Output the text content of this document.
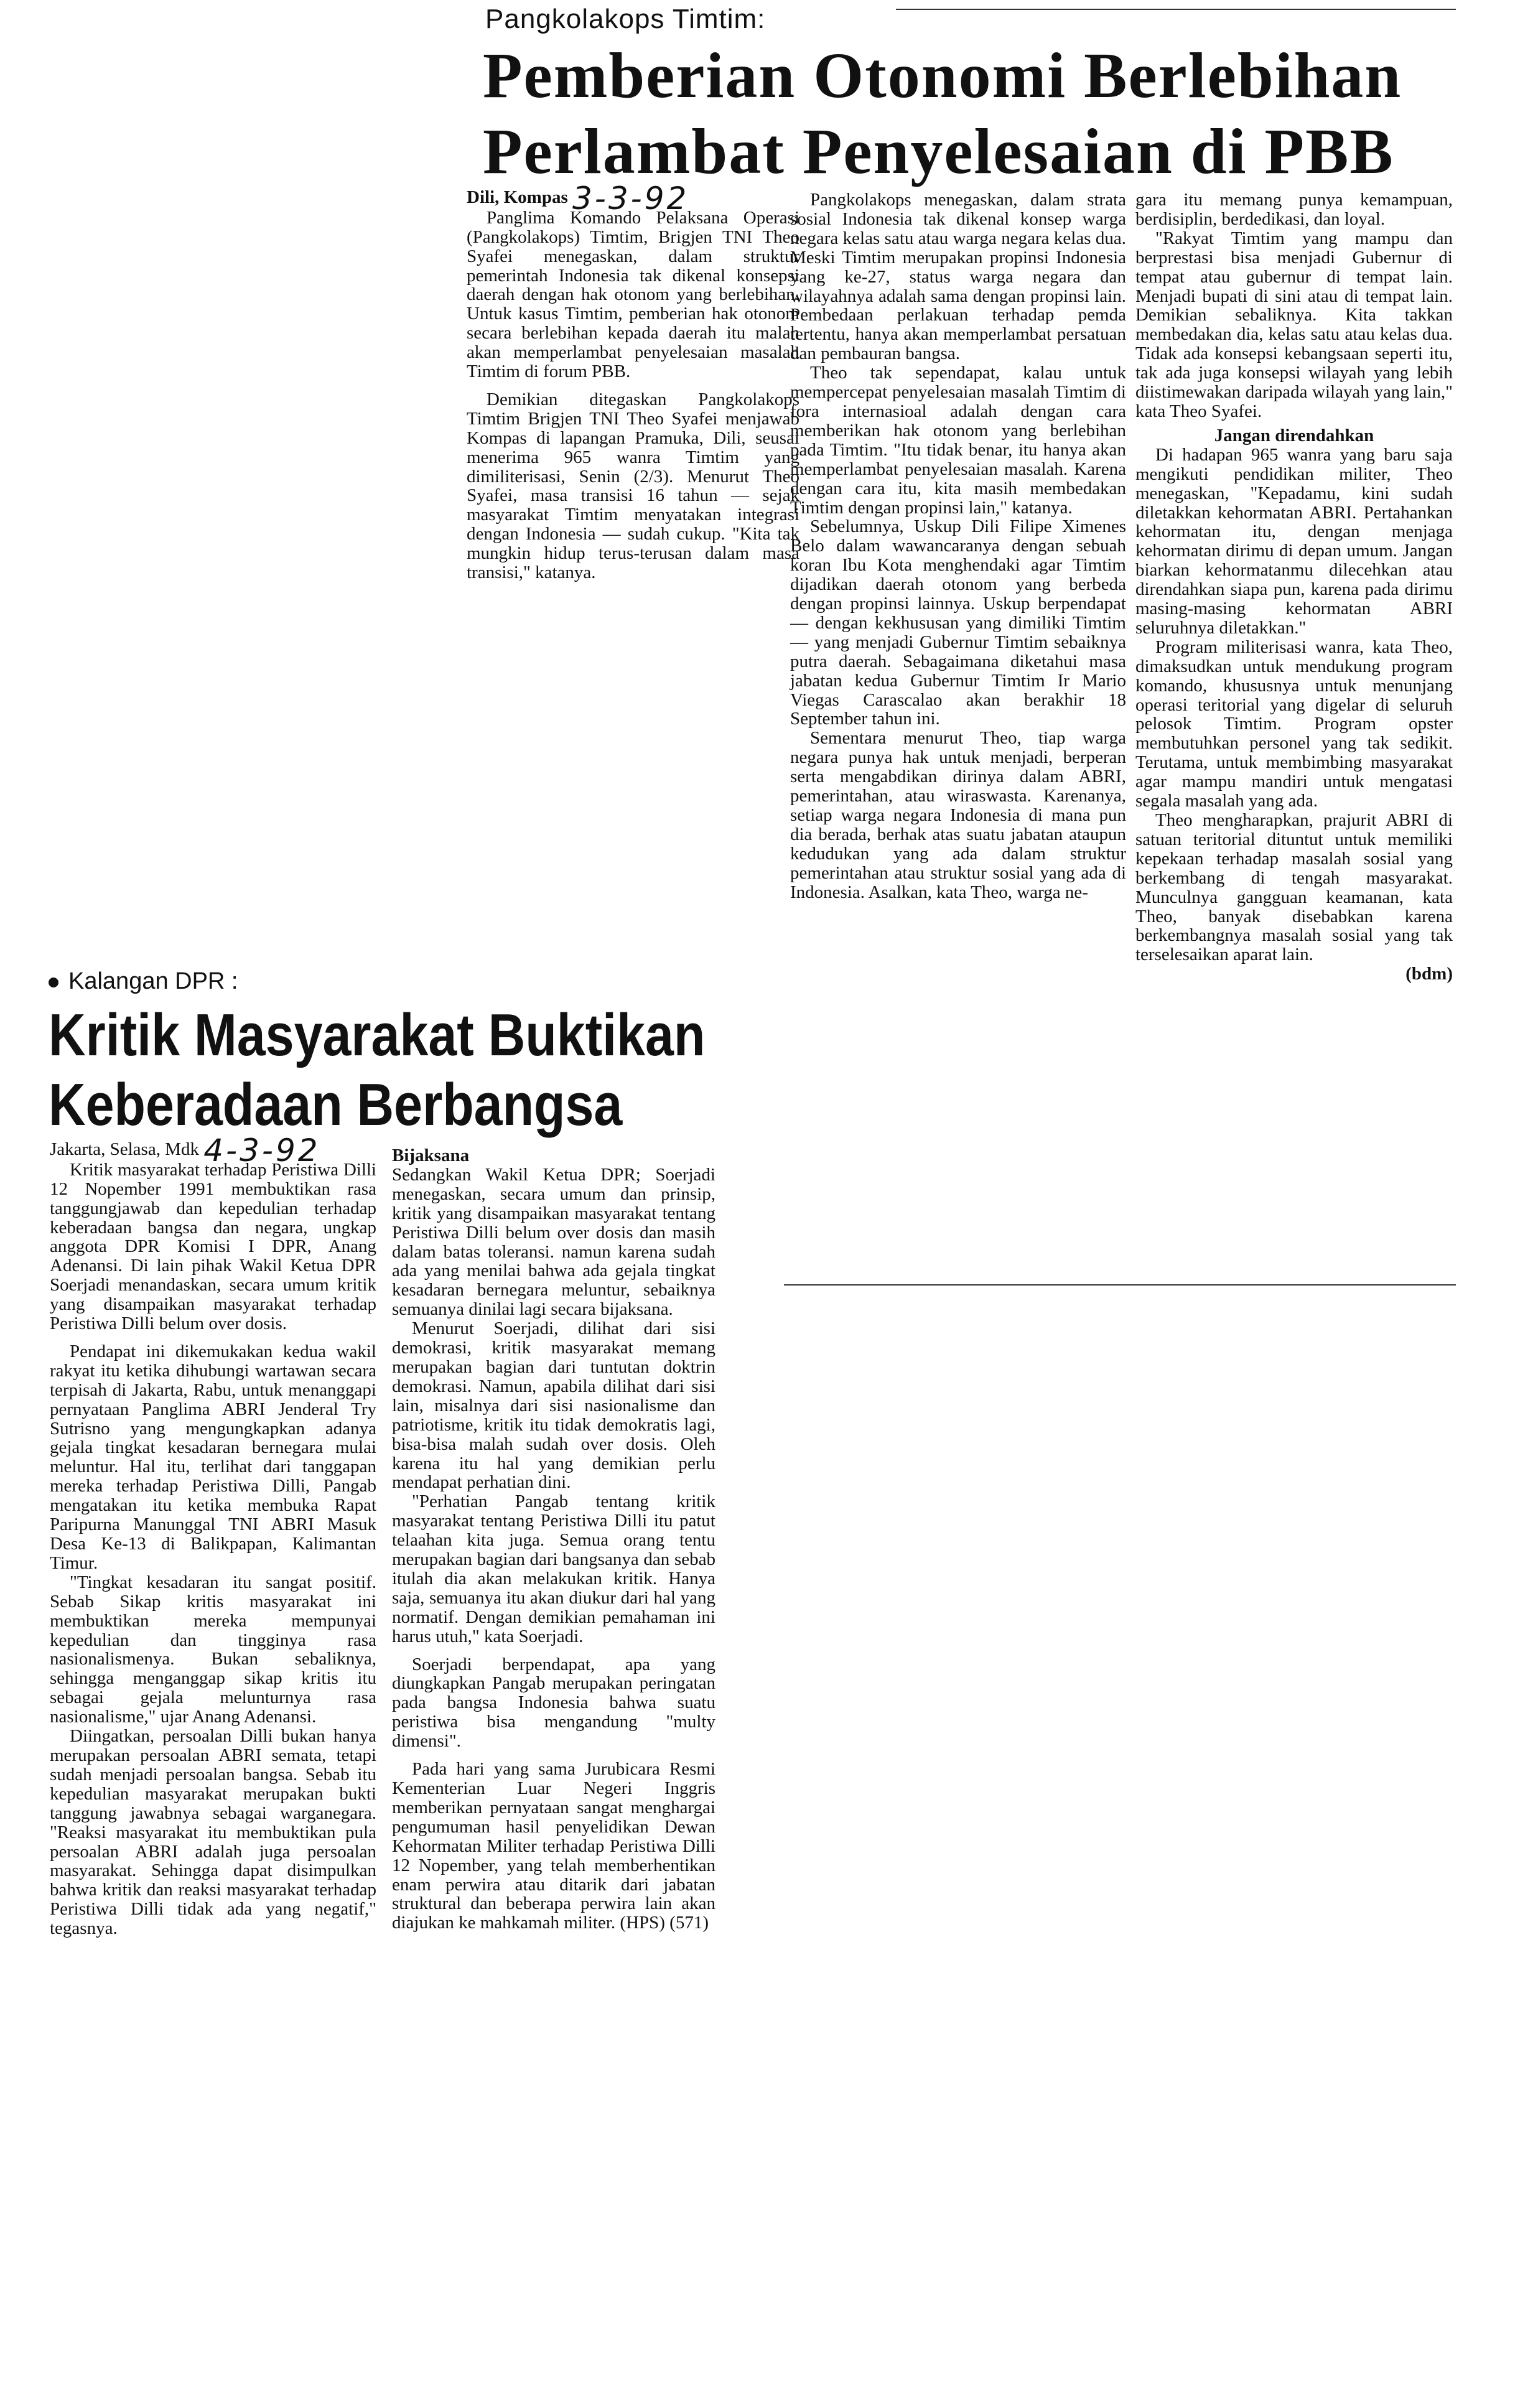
Pangkolakops Timtim:
Pemberian Otonomi Berlebihan
Perlambat Penyelesaian di PBB

Dili, Kompas 3-3-92

Panglima Komando Pelaksana Operasi (Pangkolakops) Timtim, Brigjen TNI Theo Syafei menegaskan, dalam struktur pemerintah Indonesia tak dikenal konsepsi daerah dengan hak otonom yang berlebihan. Untuk kasus Timtim, pemberian hak otonom secara berlebihan kepada daerah itu malah akan memperlambat penyelesaian masalah Timtim di forum PBB.

Demikian ditegaskan Pangkolakops Timtim Brigjen TNI Theo Syafei menjawab Kompas di lapangan Pramuka, Dili, seusai menerima 965 wanra Timtim yang dimiliterisasi, Senin (2/3). Menurut Theo Syafei, masa transisi 16 tahun — sejak masyarakat Timtim menyatakan integrasi dengan Indonesia — sudah cukup. "Kita tak mungkin hidup terus-terusan dalam masa transisi," katanya.

Pangkolakops menegaskan, dalam strata sosial Indonesia tak dikenal konsep warga negara kelas satu atau warga negara kelas dua. Meski Timtim merupakan propinsi Indonesia yang ke-27, status warga negara dan wilayahnya adalah sama dengan propinsi lain. Pembedaan perlakuan terhadap pemda tertentu, hanya akan memperlambat persatuan dan pembauran bangsa.

Theo tak sependapat, kalau untuk mempercepat penyelesaian masalah Timtim di fora internasioal adalah dengan cara memberikan hak otonom yang berlebihan pada Timtim. "Itu tidak benar, itu hanya akan memperlambat penyelesaian masalah. Karena dengan cara itu, kita masih membedakan Timtim dengan propinsi lain," katanya.

Sebelumnya, Uskup Dili Filipe Ximenes Belo dalam wawancaranya dengan sebuah koran Ibu Kota menghendaki agar Timtim dijadikan daerah otonom yang berbeda dengan propinsi lainnya. Uskup berpendapat — dengan kekhususan yang dimiliki Timtim — yang menjadi Gubernur Timtim sebaiknya putra daerah. Sebagaimana diketahui masa jabatan kedua Gubernur Timtim Ir Mario Viegas Carascalao akan berakhir 18 September tahun ini.

Sementara menurut Theo, tiap warga negara punya hak untuk menjadi, berperan serta mengabdikan dirinya dalam ABRI, pemerintahan, atau wiraswasta. Karenanya, setiap warga negara Indonesia di mana pun dia berada, berhak atas suatu jabatan ataupun kedudukan yang ada dalam struktur pemerintahan atau struktur sosial yang ada di Indonesia. Asalkan, kata Theo, warga ne-

gara itu memang punya kemampuan, berdisiplin, berdedikasi, dan loyal.

"Rakyat Timtim yang mampu dan berprestasi bisa menjadi Gubernur di tempat atau gubernur di tempat lain. Menjadi bupati di sini atau di tempat lain. Demikian sebaliknya. Kita takkan membedakan dia, kelas satu atau kelas dua. Tidak ada konsepsi kebangsaan seperti itu, tak ada juga konsepsi wilayah yang lebih diistimewakan daripada wilayah yang lain," kata Theo Syafei.

Jangan direndahkan

Di hadapan 965 wanra yang baru saja mengikuti pendidikan militer, Theo menegaskan, "Kepadamu, kini sudah diletakkan kehormatan ABRI. Pertahankan kehormatan itu, dengan menjaga kehormatan dirimu di depan umum. Jangan biarkan kehormatanmu dilecehkan atau direndahkan siapa pun, karena pada dirimu masing-masing kehormatan ABRI seluruhnya diletakkan."

Program militerisasi wanra, kata Theo, dimaksudkan untuk mendukung program komando, khususnya untuk menunjang operasi teritorial yang digelar di seluruh pelosok Timtim. Program opster membutuhkan personel yang tak sedikit. Terutama, untuk membimbing masyarakat agar mampu mandiri untuk mengatasi segala masalah yang ada.

Theo mengharapkan, prajurit ABRI di satuan teritorial dituntut untuk memiliki kepekaan terhadap masalah sosial yang berkembang di tengah masyarakat. Munculnya gangguan keamanan, kata Theo, banyak disebabkan karena berkembangnya masalah sosial yang tak terselesaikan aparat lain.

(bdm)

Kalangan DPR :
Kritik Masyarakat Buktikan
Keberadaan Berbangsa

Jakarta, Selasa, Mdk 4-3-92

Kritik masyarakat terhadap Peristiwa Dilli 12 Nopember 1991 membuktikan rasa tanggungjawab dan kepedulian terhadap keberadaan bangsa dan negara, ungkap anggota DPR Komisi I DPR, Anang Adenansi. Di lain pihak Wakil Ketua DPR Soerjadi menandaskan, secara umum kritik yang disampaikan masyarakat terhadap Peristiwa Dilli belum over dosis.

Pendapat ini dikemukakan kedua wakil rakyat itu ketika dihubungi wartawan secara terpisah di Jakarta, Rabu, untuk menanggapi pernyataan Panglima ABRI Jenderal Try Sutrisno yang mengungkapkan adanya gejala tingkat kesadaran bernegara mulai meluntur. Hal itu, terlihat dari tanggapan mereka terhadap Peristiwa Dilli, Pangab mengatakan itu ketika membuka Rapat Paripurna Manunggal TNI ABRI Masuk Desa Ke-13 di Balikpapan, Kalimantan Timur.

"Tingkat kesadaran itu sangat positif. Sebab Sikap kritis masyarakat ini membuktikan mereka mempunyai kepedulian dan tingginya rasa nasionalismenya. Bukan sebaliknya, sehingga menganggap sikap kritis itu sebagai gejala melunturnya rasa nasionalisme," ujar Anang Adenansi.

Diingatkan, persoalan Dilli bukan hanya merupakan persoalan ABRI semata, tetapi sudah menjadi persoalan bangsa. Sebab itu kepedulian masyarakat merupakan bukti tanggung jawabnya sebagai warganegara. "Reaksi masyarakat itu membuktikan pula persoalan ABRI adalah juga persoalan masyarakat. Sehingga dapat disimpulkan bahwa kritik dan reaksi masyarakat terhadap Peristiwa Dilli tidak ada yang negatif," tegasnya.

Bijaksana

Sedangkan Wakil Ketua DPR; Soerjadi menegaskan, secara umum dan prinsip, kritik yang disampaikan masyarakat tentang Peristiwa Dilli belum over dosis dan masih dalam batas toleransi. namun karena sudah ada yang menilai bahwa ada gejala tingkat kesadaran bernegara meluntur, sebaiknya semuanya dinilai lagi secara bijaksana.

Menurut Soerjadi, dilihat dari sisi demokrasi, kritik masyarakat memang merupakan bagian dari tuntutan doktrin demokrasi. Namun, apabila dilihat dari sisi lain, misalnya dari sisi nasionalisme dan patriotisme, kritik itu tidak demokratis lagi, bisa-bisa malah sudah over dosis. Oleh karena itu hal yang demikian perlu mendapat perhatian dini.

"Perhatian Pangab tentang kritik masyarakat tentang Peristiwa Dilli itu patut telaahan kita juga. Semua orang tentu merupakan bagian dari bangsanya dan sebab itulah dia akan melakukan kritik. Hanya saja, semuanya itu akan diukur dari hal yang normatif. Dengan demikian pemahaman ini harus utuh," kata Soerjadi.

Soerjadi berpendapat, apa yang diungkapkan Pangab merupakan peringatan pada bangsa Indonesia bahwa suatu peristiwa bisa mengandung "multy dimensi".

Pada hari yang sama Jurubicara Resmi Kementerian Luar Negeri Inggris memberikan pernyataan sangat menghargai pengumuman hasil penyelidikan Dewan Kehormatan Militer terhadap Peristiwa Dilli 12 Nopember, yang telah memberhentikan enam perwira atau ditarik dari jabatan struktural dan beberapa perwira lain akan diajukan ke mahkamah militer. (HPS) (571)
